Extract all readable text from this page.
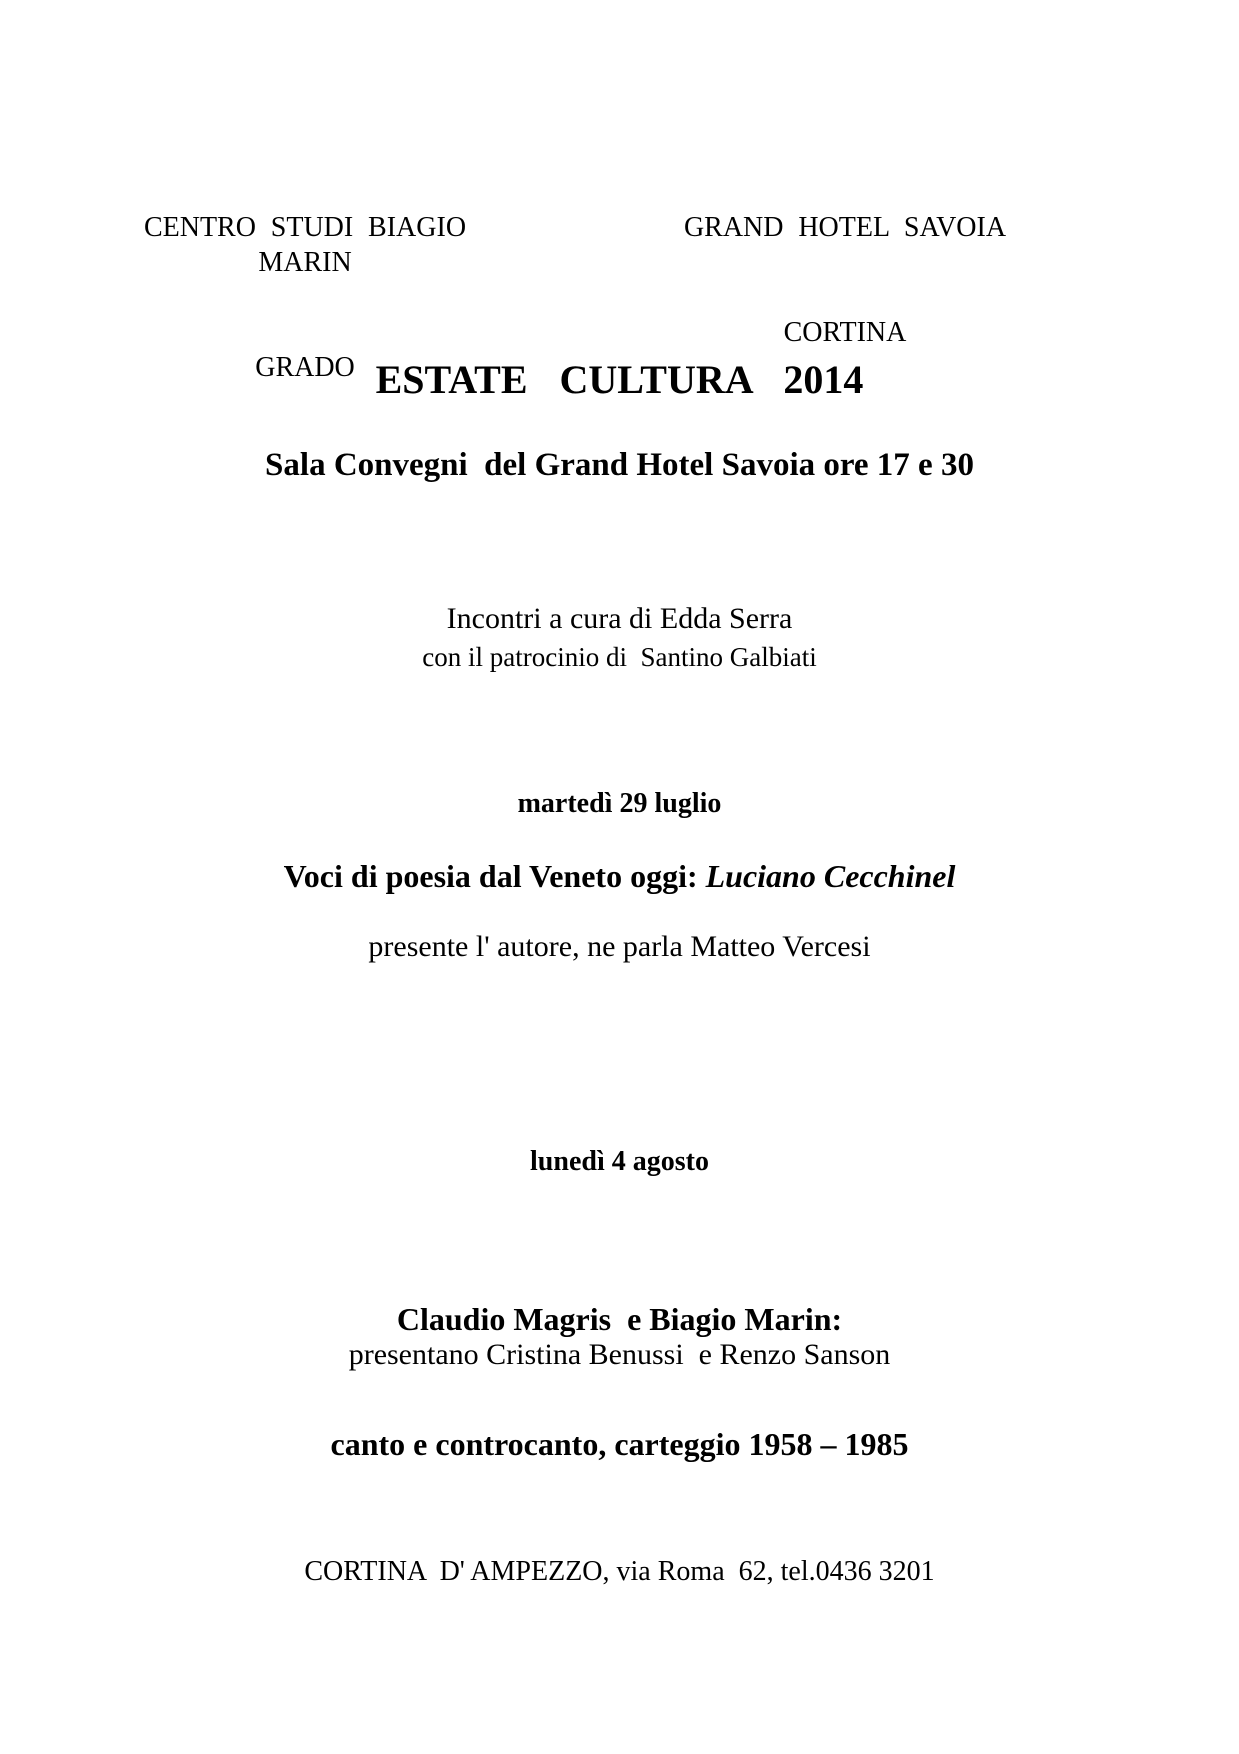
CENTRO STUDI BIAGIO MARIN

GRADO

GRAND HOTEL SAVOIA

CORTINA

ESTATE CULTURA 2014
Sala Convegni  del Grand Hotel Savoia ore 17 e 30
Incontri a cura di Edda Serra
con il patrocinio di  Santino Galbiati
martedì 29 luglio
Voci di poesia dal Veneto oggi: Luciano Cecchinel
presente l' autore, ne parla Matteo Vercesi
lunedì 4 agosto

Claudio Magris  e Biagio Marin:

canto e controcanto, carteggio 1958 – 1985

presentano Cristina Benussi  e Renzo Sanson
CORTINA  D' AMPEZZO, via Roma  62, tel.0436 3201
